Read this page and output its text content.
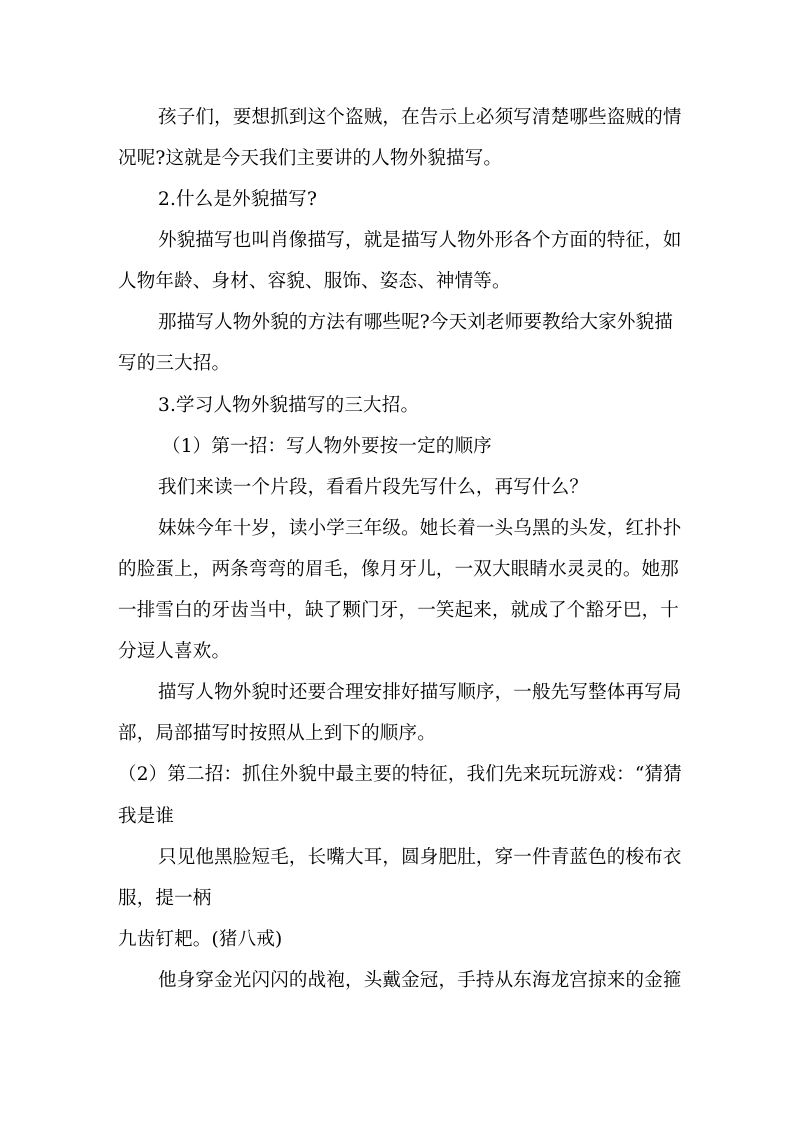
孩子们，要想抓到这个盗贼，在告示上必须写清楚哪些盗贼的情
况呢?这就是今天我们主要讲的人物外貌描写。
2.什么是外貌描写?
外貌描写也叫肖像描写，就是描写人物外形各个方面的特征，如
人物年龄、身材、容貌、服饰、姿态、神情等。
那描写人物外貌的方法有哪些呢?今天刘老师要教给大家外貌描
写的三大招。
3.学习人物外貌描写的三大招。
（1）第一招：写人物外要按一定的顺序
我们来读一个片段，看看片段先写什么，再写什么？
妹妹今年十岁，读小学三年级。她长着一头乌黑的头发，红扑扑
的脸蛋上，两条弯弯的眉毛，像月牙儿，一双大眼睛水灵灵的。她那
一排雪白的牙齿当中，缺了颗门牙，一笑起来，就成了个豁牙巴，十
分逗人喜欢。
描写人物外貌时还要合理安排好描写顺序，一般先写整体再写局
部，局部描写时按照从上到下的顺序。
（2）第二招：抓住外貌中最主要的特征，我们先来玩玩游戏：“猜猜
我是谁
只见他黑脸短毛，长嘴大耳，圆身肥肚，穿一件青蓝色的梭布衣
服，提一柄
九齿钉耙。(猪八戒)
他身穿金光闪闪的战袍，头戴金冠，手持从东海龙宫掠来的金箍
